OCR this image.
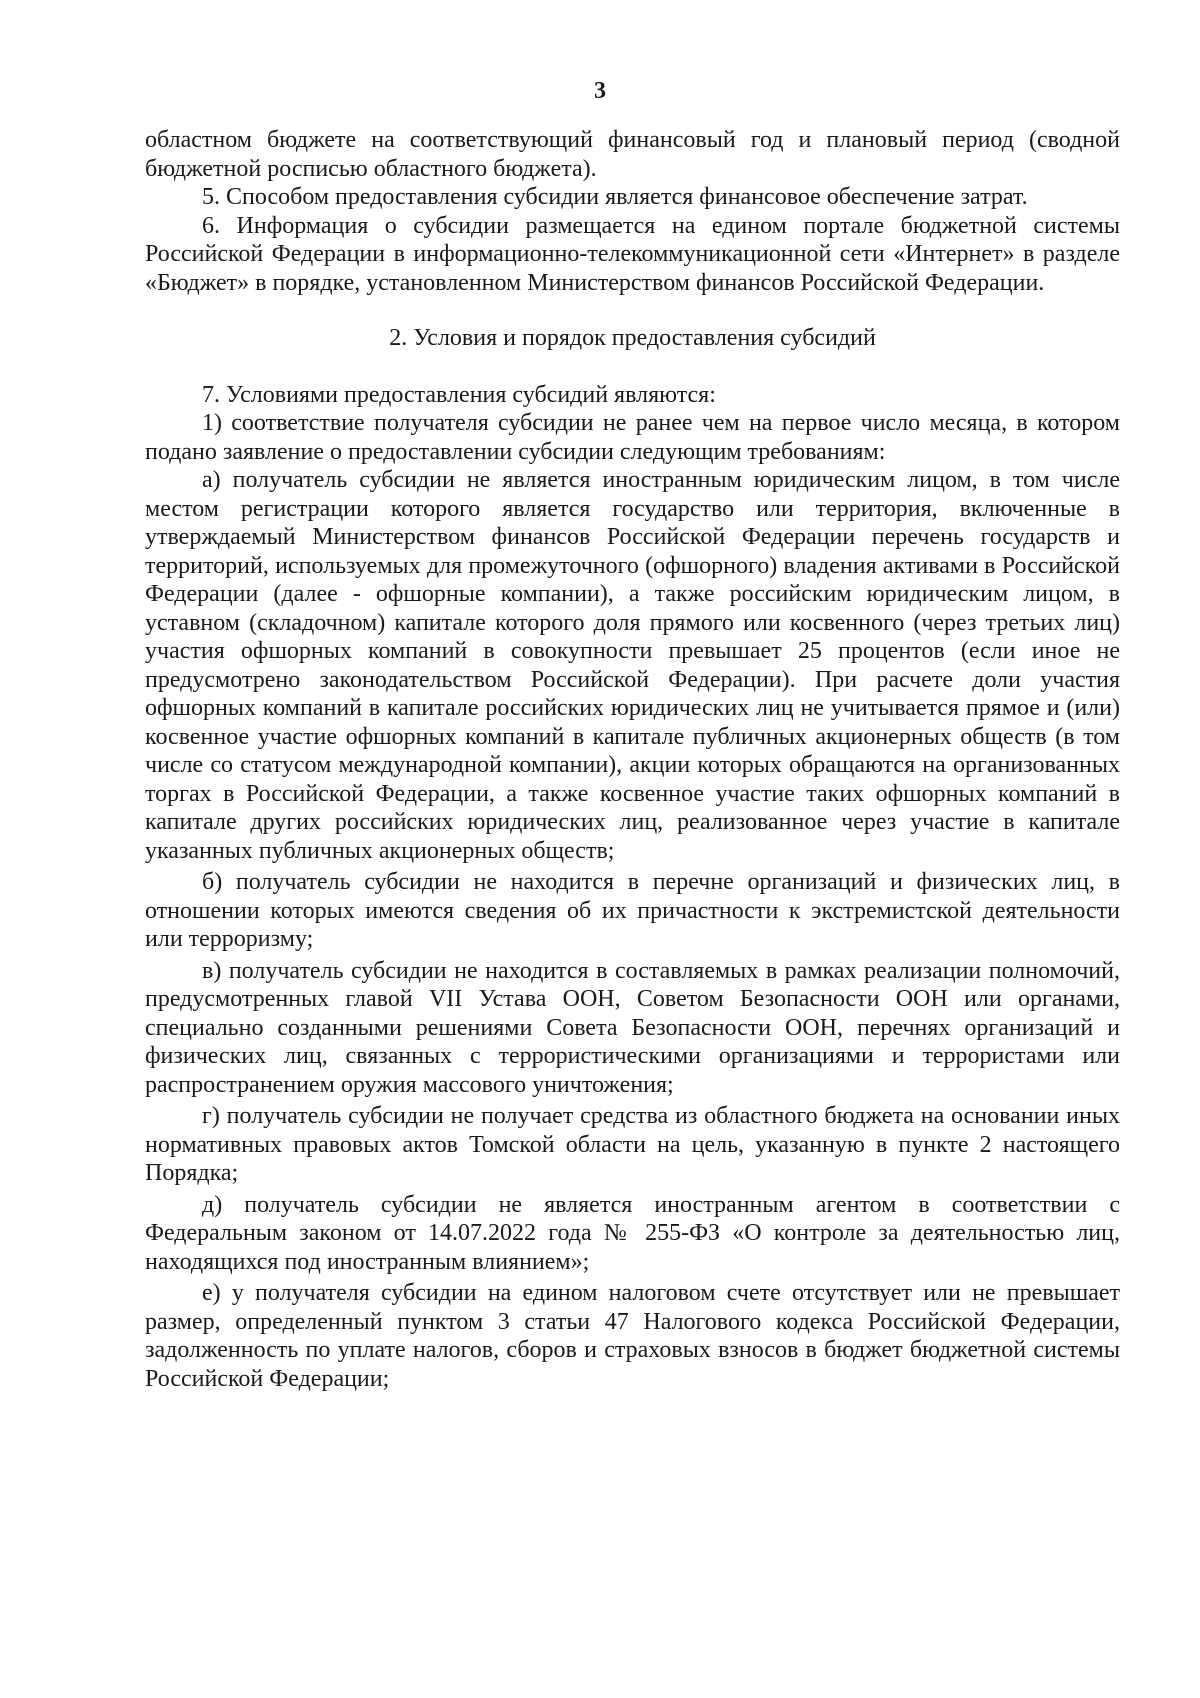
3

областном бюджете на соответствующий финансовый год и плановый период (сводной бюджетной росписью областного бюджета).

5. Способом предоставления субсидии является финансовое обеспечение затрат.

6. Информация о субсидии размещается на едином портале бюджетной системы Российской Федерации в информационно-телекоммуникационной сети «Интернет» в разделе «Бюджет» в порядке, установленном Министерством финансов Российской Федерации.

2. Условия и порядок предоставления субсидий

7. Условиями предоставления субсидий являются:

1) соответствие получателя субсидии не ранее чем на первое число месяца, в котором подано заявление о предоставлении субсидии следующим требованиям:

а) получатель субсидии не является иностранным юридическим лицом, в том числе местом регистрации которого является государство или территория, включенные в утверждаемый Министерством финансов Российской Федерации перечень государств и территорий, используемых для промежуточного (офшорного) владения активами в Российской Федерации (далее - офшорные компании), а также российским юридическим лицом, в уставном (складочном) капитале которого доля прямого или косвенного (через третьих лиц) участия офшорных компаний в совокупности превышает 25 процентов (если иное не предусмотрено законодательством Российской Федерации). При расчете доли участия офшорных компаний в капитале российских юридических лиц не учитывается прямое и (или) косвенное участие офшорных компаний в капитале публичных акционерных обществ (в том числе со статусом международной компании), акции которых обращаются на организованных торгах в Российской Федерации, а также косвенное участие таких офшорных компаний в капитале других российских юридических лиц, реализованное через участие в капитале указанных публичных акционерных обществ;

б) получатель субсидии не находится в перечне организаций и физических лиц, в отношении которых имеются сведения об их причастности к экстремистской деятельности или терроризму;

в) получатель субсидии не находится в составляемых в рамках реализации полномочий, предусмотренных главой VII Устава ООН, Советом Безопасности ООН или органами, специально созданными решениями Совета Безопасности ООН, перечнях организаций и физических лиц, связанных с террористическими организациями и террористами или распространением оружия массового уничтожения;

г) получатель субсидии не получает средства из областного бюджета на основании иных нормативных правовых актов Томской области на цель, указанную в пункте 2 настоящего Порядка;

д) получатель субсидии не является иностранным агентом в соответствии с Федеральным законом от 14.07.2022 года № 255-ФЗ «О контроле за деятельностью лиц, находящихся под иностранным влиянием»;

е) у получателя субсидии на едином налоговом счете отсутствует или не превышает размер, определенный пунктом 3 статьи 47 Налогового кодекса Российской Федерации, задолженность по уплате налогов, сборов и страховых взносов в бюджет бюджетной системы Российской Федерации;
